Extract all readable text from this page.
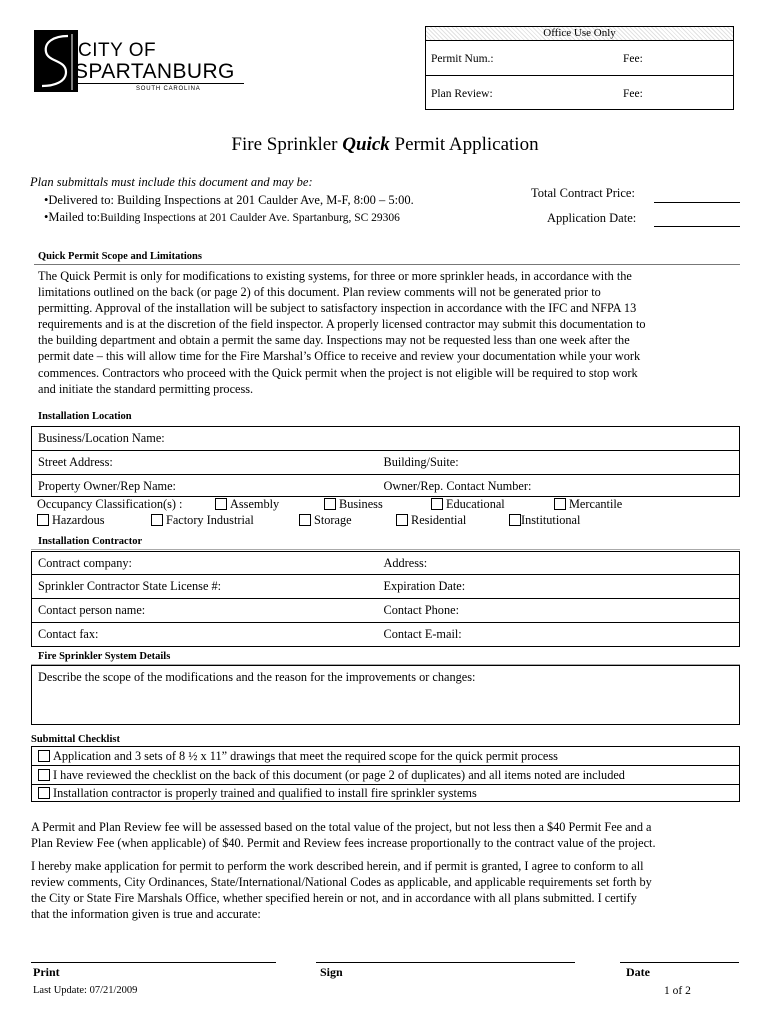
CITY OF
SPARTANBURG
SOUTH CAROLINA
Office Use Only
Permit Num.:	Fee:
Plan Review:	Fee:
Fire Sprinkler Quick Permit Application
Plan submittals must include this document and may be:
•Delivered to: Building Inspections at 201 Caulder Ave, M-F, 8:00 – 5:00.
•Mailed to:Building Inspections at 201 Caulder Ave. Spartanburg, SC 29306
Total Contract Price:
Application Date:
Quick Permit Scope and Limitations
The Quick Permit is only for modifications to existing systems, for three or more sprinkler heads, in accordance with the
limitations outlined on the back (or page 2) of this document. Plan review comments will not be generated prior to
permitting. Approval of the installation will be subject to satisfactory inspection in accordance with the IFC and NFPA 13
requirements and is at the discretion of the field inspector. A properly licensed contractor may submit this documentation to
the building department and obtain a permit the same day. Inspections may not be requested less than one week after the
permit date – this will allow time for the Fire Marshal’s Office to receive and review your documentation while your work
commences. Contractors who proceed with the Quick permit when the project is not eligible will be required to stop work
and initiate the standard permitting process.
Installation Location
Business/Location Name:	
Street Address:	Building/Suite:
Property Owner/Rep Name:	Owner/Rep. Contact Number:
Occupancy Classification(s) :	Assembly	Business	Educational	Mercantile
Hazardous	Factory Industrial	Storage	Residential	Institutional
Installation Contractor
Contract company:	Address:
Sprinkler Contractor State License #:	Expiration Date:
Contact person name:	Contact Phone:
Contact fax:	Contact E-mail:
Fire Sprinkler System Details
Describe the scope of the modifications and the reason for the improvements or changes:
Submittal Checklist
Application and 3 sets of 8 ½ x 11” drawings that meet the required scope for the quick permit process
I have reviewed the checklist on the back of this document (or page 2 of duplicates) and all items noted are included
Installation contractor is properly trained and qualified to install fire sprinkler systems
A Permit and Plan Review fee will be assessed based on the total value of the project, but not less then a $40 Permit Fee and a
Plan Review Fee (when applicable) of $40. Permit and Review fees increase proportionally to the contract value of the project.
I hereby make application for permit to perform the work described herein, and if permit is granted, I agree to conform to all
review comments, City Ordinances, State/International/National Codes as applicable, and applicable requirements set forth by
the City or State Fire Marshals Office, whether specified herein or not, and in accordance with all plans submitted. I certify
that the information given is true and accurate:
Print	Sign	Date
Last Update: 07/21/2009	1 of 2
